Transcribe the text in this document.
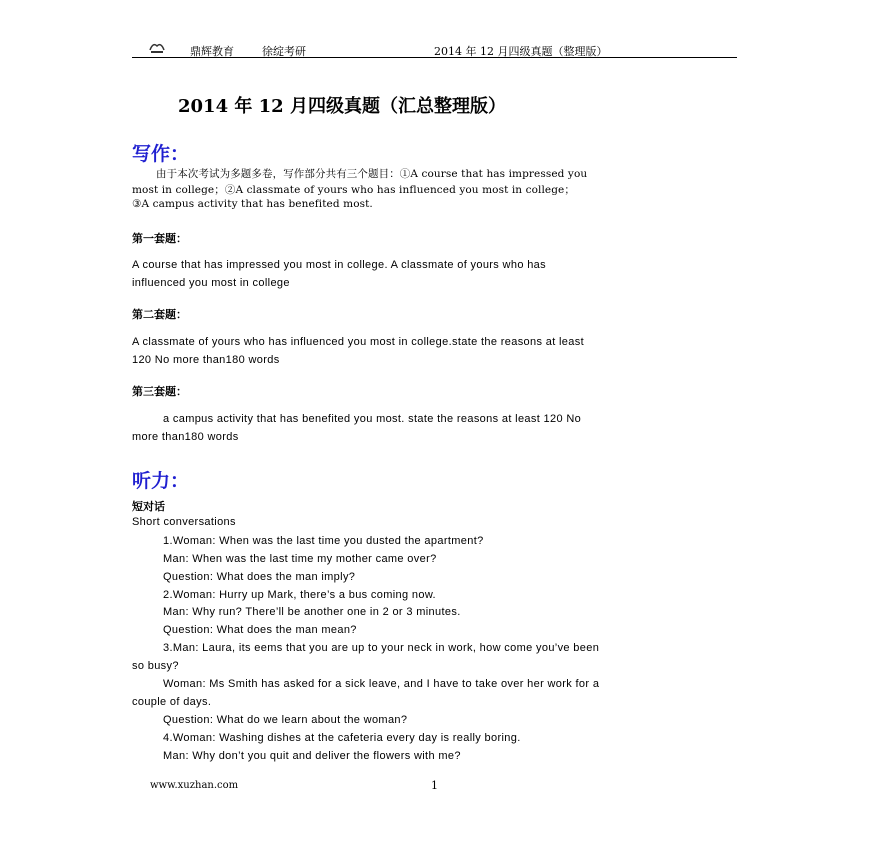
鼎辉教育	徐绽考研	2014 年 12 月四级真题（整理版）
2014 年 12 月四级真题（汇总整理版）
写作：
由于本次考试为多题多卷，写作部分共有三个题目：①A course that has impressed you
most in college；②A classmate of yours who has influenced you most in college；
③A campus activity that has benefited most.
第一套题：
A course that has impressed you most in college. A classmate of yours who has
influenced you most in college
第二套题：
A classmate of yours who has influenced you most in college.state the reasons at least
120 No more than180 words
第三套题：
a campus activity that has benefited you most. state the reasons at least 120 No
more than180 words
听力：
短对话
Short conversations
1.Woman: When was the last time you dusted the apartment?
Man: When was the last time my mother came over?
Question: What does the man imply?
2.Woman: Hurry up Mark, there’s a bus coming now.
Man: Why run? There’ll be another one in 2 or 3 minutes.
Question: What does the man mean?
3.Man: Laura, its eems that you are up to your neck in work, how come you’ve been
so busy?
Woman: Ms Smith has asked for a sick leave, and I have to take over her work for a
couple of days.
Question: What do we learn about the woman?
4.Woman: Washing dishes at the cafeteria every day is really boring.
Man: Why don’t you quit and deliver the flowers with me?
www.xuzhan.com	1
